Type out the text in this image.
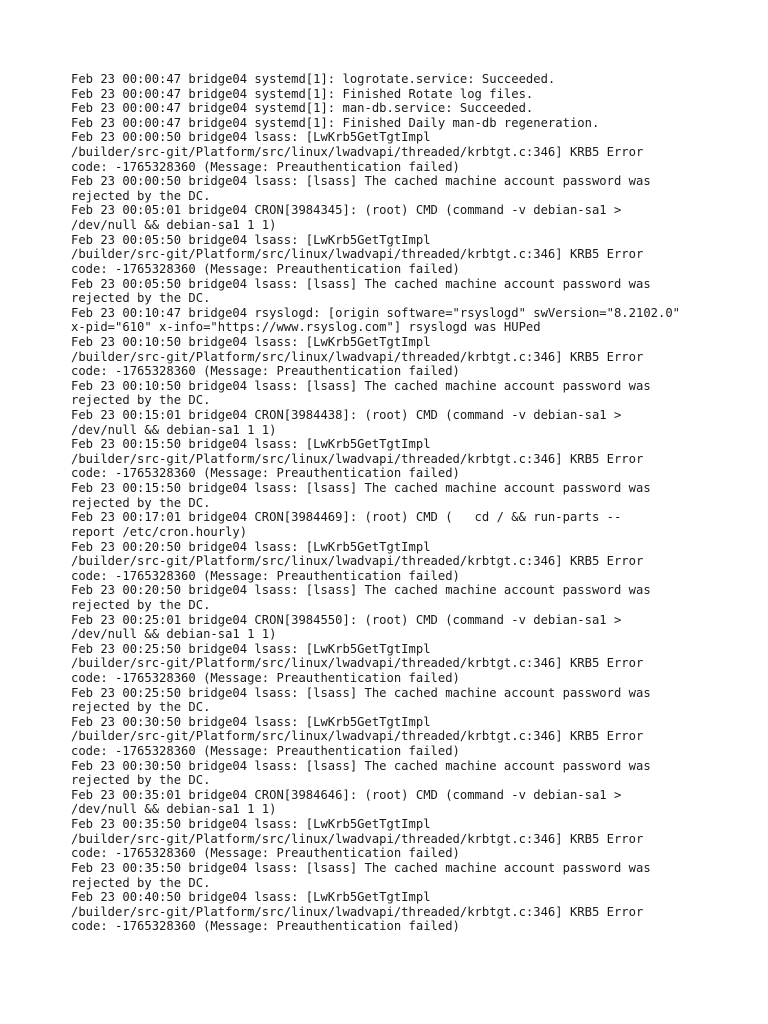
Feb 23 00:00:47 bridge04 systemd[1]: logrotate.service: Succeeded.
Feb 23 00:00:47 bridge04 systemd[1]: Finished Rotate log files.
Feb 23 00:00:47 bridge04 systemd[1]: man-db.service: Succeeded.
Feb 23 00:00:47 bridge04 systemd[1]: Finished Daily man-db regeneration.
Feb 23 00:00:50 bridge04 lsass: [LwKrb5GetTgtImpl
/builder/src-git/Platform/src/linux/lwadvapi/threaded/krbtgt.c:346] KRB5 Error
code: -1765328360 (Message: Preauthentication failed)
Feb 23 00:00:50 bridge04 lsass: [lsass] The cached machine account password was
rejected by the DC.
Feb 23 00:05:01 bridge04 CRON[3984345]: (root) CMD (command -v debian-sa1 >
/dev/null && debian-sa1 1 1)
Feb 23 00:05:50 bridge04 lsass: [LwKrb5GetTgtImpl
/builder/src-git/Platform/src/linux/lwadvapi/threaded/krbtgt.c:346] KRB5 Error
code: -1765328360 (Message: Preauthentication failed)
Feb 23 00:05:50 bridge04 lsass: [lsass] The cached machine account password was
rejected by the DC.
Feb 23 00:10:47 bridge04 rsyslogd: [origin software="rsyslogd" swVersion="8.2102.0"
x-pid="610" x-info="https://www.rsyslog.com"] rsyslogd was HUPed
Feb 23 00:10:50 bridge04 lsass: [LwKrb5GetTgtImpl
/builder/src-git/Platform/src/linux/lwadvapi/threaded/krbtgt.c:346] KRB5 Error
code: -1765328360 (Message: Preauthentication failed)
Feb 23 00:10:50 bridge04 lsass: [lsass] The cached machine account password was
rejected by the DC.
Feb 23 00:15:01 bridge04 CRON[3984438]: (root) CMD (command -v debian-sa1 >
/dev/null && debian-sa1 1 1)
Feb 23 00:15:50 bridge04 lsass: [LwKrb5GetTgtImpl
/builder/src-git/Platform/src/linux/lwadvapi/threaded/krbtgt.c:346] KRB5 Error
code: -1765328360 (Message: Preauthentication failed)
Feb 23 00:15:50 bridge04 lsass: [lsass] The cached machine account password was
rejected by the DC.
Feb 23 00:17:01 bridge04 CRON[3984469]: (root) CMD (   cd / && run-parts --
report /etc/cron.hourly)
Feb 23 00:20:50 bridge04 lsass: [LwKrb5GetTgtImpl
/builder/src-git/Platform/src/linux/lwadvapi/threaded/krbtgt.c:346] KRB5 Error
code: -1765328360 (Message: Preauthentication failed)
Feb 23 00:20:50 bridge04 lsass: [lsass] The cached machine account password was
rejected by the DC.
Feb 23 00:25:01 bridge04 CRON[3984550]: (root) CMD (command -v debian-sa1 >
/dev/null && debian-sa1 1 1)
Feb 23 00:25:50 bridge04 lsass: [LwKrb5GetTgtImpl
/builder/src-git/Platform/src/linux/lwadvapi/threaded/krbtgt.c:346] KRB5 Error
code: -1765328360 (Message: Preauthentication failed)
Feb 23 00:25:50 bridge04 lsass: [lsass] The cached machine account password was
rejected by the DC.
Feb 23 00:30:50 bridge04 lsass: [LwKrb5GetTgtImpl
/builder/src-git/Platform/src/linux/lwadvapi/threaded/krbtgt.c:346] KRB5 Error
code: -1765328360 (Message: Preauthentication failed)
Feb 23 00:30:50 bridge04 lsass: [lsass] The cached machine account password was
rejected by the DC.
Feb 23 00:35:01 bridge04 CRON[3984646]: (root) CMD (command -v debian-sa1 >
/dev/null && debian-sa1 1 1)
Feb 23 00:35:50 bridge04 lsass: [LwKrb5GetTgtImpl
/builder/src-git/Platform/src/linux/lwadvapi/threaded/krbtgt.c:346] KRB5 Error
code: -1765328360 (Message: Preauthentication failed)
Feb 23 00:35:50 bridge04 lsass: [lsass] The cached machine account password was
rejected by the DC.
Feb 23 00:40:50 bridge04 lsass: [LwKrb5GetTgtImpl
/builder/src-git/Platform/src/linux/lwadvapi/threaded/krbtgt.c:346] KRB5 Error
code: -1765328360 (Message: Preauthentication failed)
